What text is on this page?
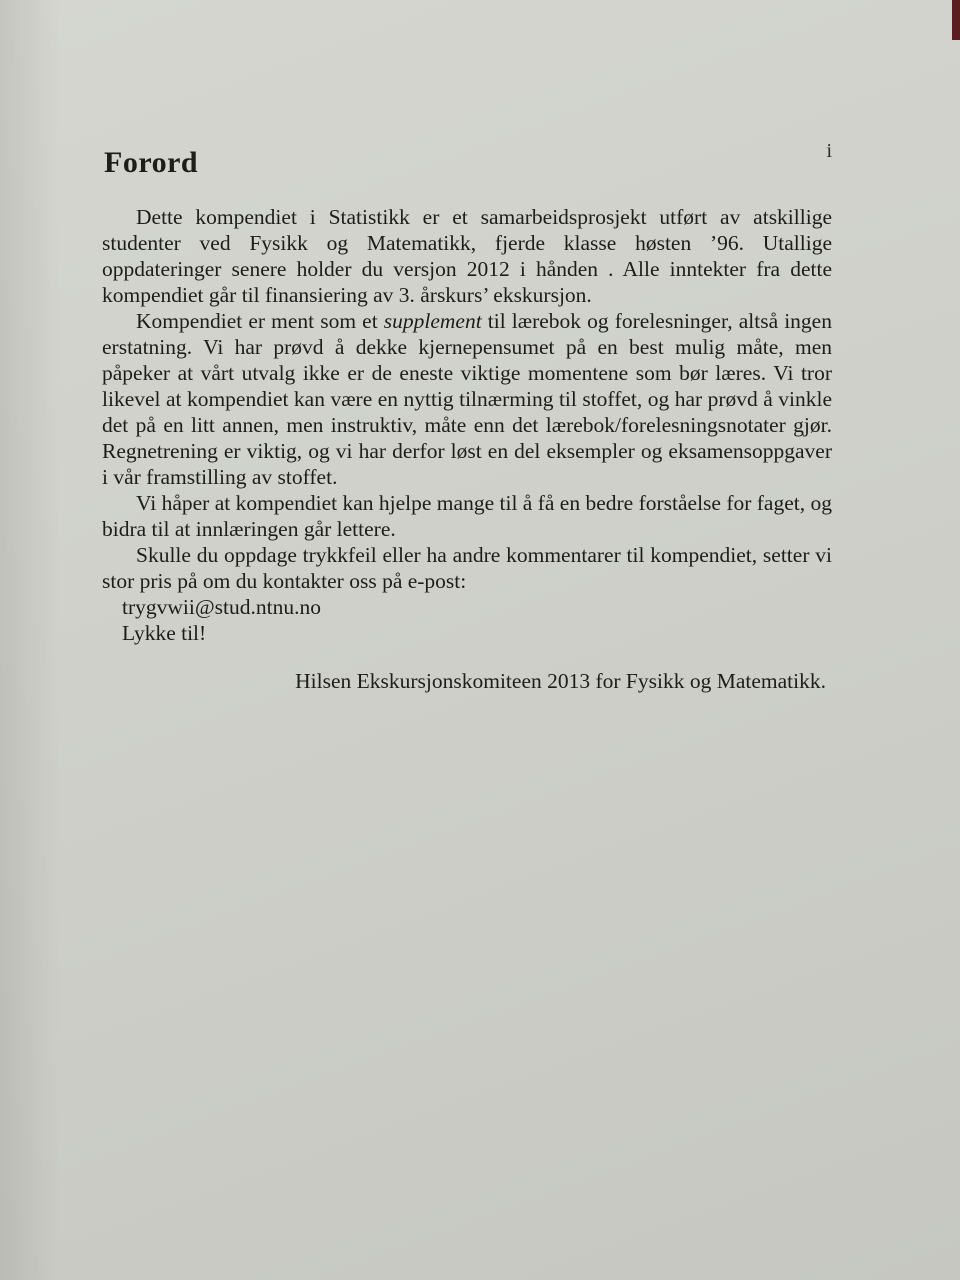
i
Forord

Dette kompendiet i Statistikk er et samarbeidsprosjekt utført av atskillige studenter ved Fysikk og Matematikk, fjerde klasse høsten ’96. Utallige oppdateringer senere holder du versjon 2012 i hånden . Alle inntekter fra dette kompendiet går til finansiering av 3. årskurs’ ekskursjon.

Kompendiet er ment som et supplement til lærebok og forelesninger, altså ingen erstatning. Vi har prøvd å dekke kjernepensumet på en best mulig måte, men påpeker at vårt utvalg ikke er de eneste viktige momentene som bør læres. Vi tror likevel at kompendiet kan være en nyttig tilnærming til stoffet, og har prøvd å vinkle det på en litt annen, men instruktiv, måte enn det lærebok/forelesningsnotater gjør. Regnetrening er viktig, og vi har derfor løst en del eksempler og eksamensoppgaver i vår framstilling av stoffet.

Vi håper at kompendiet kan hjelpe mange til å få en bedre forståelse for faget, og bidra til at innlæringen går lettere.

Skulle du oppdage trykkfeil eller ha andre kommentarer til kompendiet, setter vi stor pris på om du kontakter oss på e-post:

trygvwii@stud.ntnu.no
Lykke til!
Hilsen Ekskursjonskomiteen 2013 for Fysikk og Matematikk.
